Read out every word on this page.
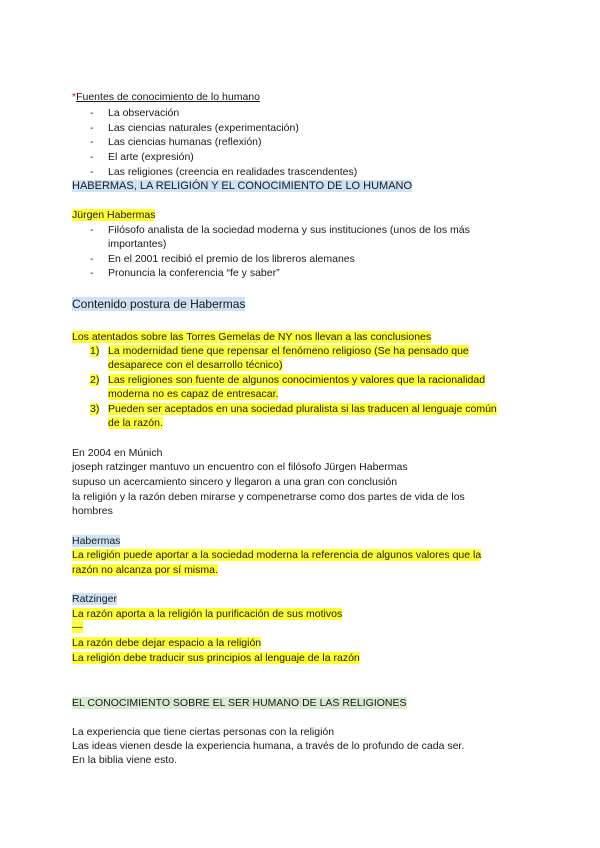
*Fuentes de conocimiento de lo humano
- La observación
- Las ciencias naturales (experimentación)
- Las ciencias humanas (reflexión)
- El arte (expresión)
- Las religiones (creencia en realidades trascendentes)
HABERMAS, LA RELIGIÓN Y EL CONOCIMIENTO DE LO HUMANO
Jürgen Habermas
- Filósofo analista de la sociedad moderna y sus instituciones (unos de los más
importantes)
- En el 2001 recibió el premio de los libreros alemanes
- Pronuncia la conferencia “fe y saber”
Contenido postura de Habermas
Los atentados sobre las Torres Gemelas de NY nos llevan a las conclusiones
1) La modernidad tiene que repensar el fenómeno religioso (Se ha pensado que
desaparece con el desarrollo técnico)
2) Las religiones son fuente de algunos conocimientos y valores que la racionalidad
moderna no es capaz de entresacar.
3) Pueden ser aceptados en una sociedad pluralista si las traducen al lenguaje común
de la razón.
En 2004 en Múnich
joseph ratzinger mantuvo un encuentro con el filósofo Jürgen Habermas
supuso un acercamiento sincero y llegaron a una gran con conclusión
la religión y la razón deben mirarse y compenetrarse como dos partes de vida de los
hombres
Habermas
La religión puede aportar a la sociedad moderna la referencia de algunos valores que la
razón no alcanza por sí misma.
Ratzinger
La razón aporta a la religión la purificación de sus motivos
—
La razón debe dejar espacio a la religión
La religión debe traducir sus principios al lenguaje de la razón
EL CONOCIMIENTO SOBRE EL SER HUMANO DE LAS RELIGIONES
La experiencia que tiene ciertas personas con la religión
Las ideas vienen desde la experiencia humana, a través de lo profundo de cada ser.
En la biblia viene esto.
